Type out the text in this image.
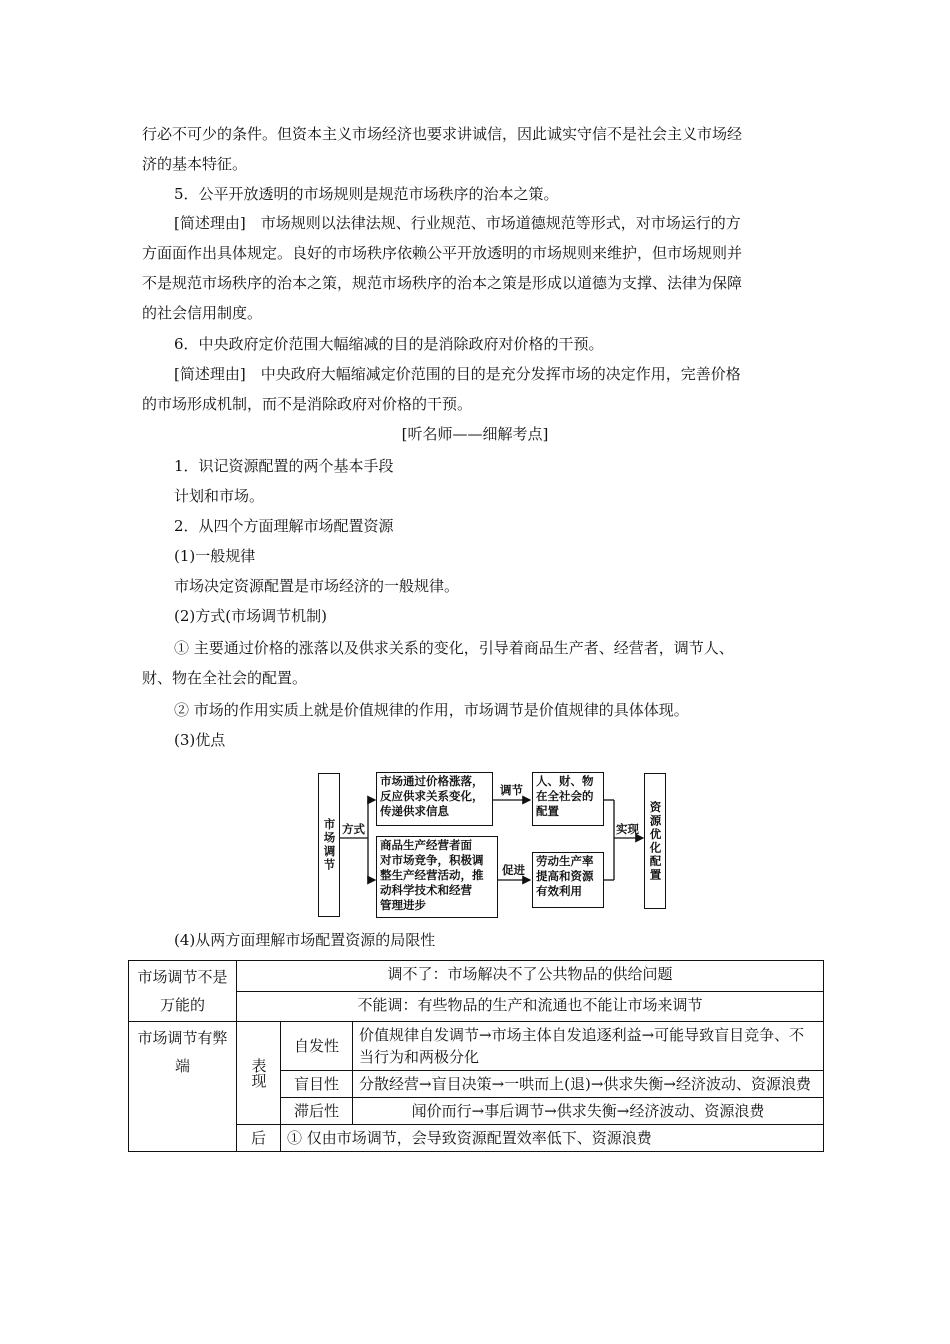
行必不可少的条件。但资本主义市场经济也要求讲诚信，因此诚实守信不是社会主义市场经
济的基本特征。
5．公平开放透明的市场规则是规范市场秩序的治本之策。
[简述理由]　市场规则以法律法规、行业规范、市场道德规范等形式，对市场运行的方
方面面作出具体规定。良好的市场秩序依赖公平开放透明的市场规则来维护，但市场规则并
不是规范市场秩序的治本之策，规范市场秩序的治本之策是形成以道德为支撑、法律为保障
的社会信用制度。
6．中央政府定价范围大幅缩减的目的是消除政府对价格的干预。
[简述理由]　中央政府大幅缩减定价范围的目的是充分发挥市场的决定作用，完善价格
的市场形成机制，而不是消除政府对价格的干预。
[听名师——细解考点]
1．识记资源配置的两个基本手段
计划和市场。
2．从四个方面理解市场配置资源
(1)一般规律
市场决定资源配置是市场经济的一般规律。
(2)方式(市场调节机制)
① 主要通过价格的涨落以及供求关系的变化，引导着商品生产者、经营者，调节人、
财、物在全社会的配置。
② 市场的作用实质上就是价值规律的作用，市场调节是价值规律的具体体现。
(3)优点
市场调节 方式
市场通过价格涨落，
反应供求关系变化，
传递供求信息
调节
人、财、物
在全社会的
配置
商品生产经营者面
对市场竞争，积极调
整生产经营活动，推
动科学技术和经营
管理进步
促进
劳动生产率
提高和资源
有效利用
实现 资源优化配置
(4)从两方面理解市场配置资源的局限性
市场调节不是万能的	调不了：市场解决不了公共物品的供给问题		
	不能调：有些物品的生产和流通也不能让市场来调节		
市场调节有弊端	表现	自发性	价值规律自发调节→市场主体自发追逐利益→可能导致盲目竞争、不当行为和两极分化
		盲目性	分散经营→盲目决策→一哄而上(退)→供求失衡→经济波动、资源浪费
		滞后性	闻价而行→事后调节→供求失衡→经济波动、资源浪费
	后	① 仅由市场调节，会导致资源配置效率低下、资源浪费	
